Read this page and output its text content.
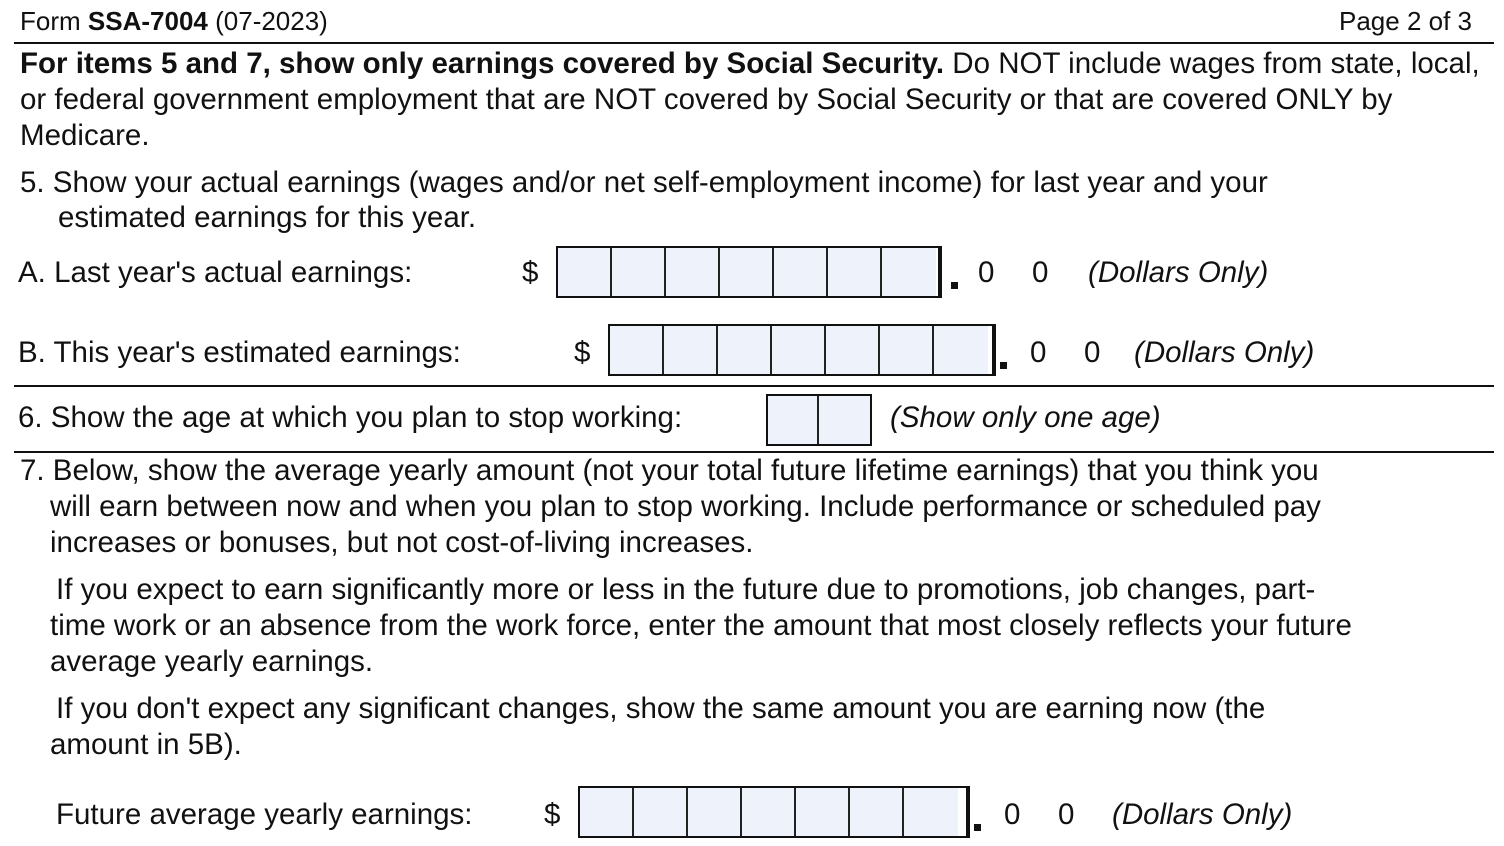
Form SSA-7004 (07-2023)	Page 2 of 3
For items 5 and 7, show only earnings covered by Social Security. Do NOT include wages from state, local, or federal government employment that are NOT covered by Social Security or that are covered ONLY by Medicare.
5. Show your actual earnings (wages and/or net self-employment income) for last year and your
estimated earnings for this year.
A. Last year's actual earnings:	$	0 0 (Dollars Only)
B. This year's estimated earnings:	$	0 0 (Dollars Only)
6. Show the age at which you plan to stop working:	(Show only one age)
7. Below, show the average yearly amount (not your total future lifetime earnings) that you think you
will earn between now and when you plan to stop working. Include performance or scheduled pay
increases or bonuses, but not cost-of-living increases.
If you expect to earn significantly more or less in the future due to promotions, job changes, part-
time work or an absence from the work force, enter the amount that most closely reflects your future
average yearly earnings.
If you don't expect any significant changes, show the same amount you are earning now (the
amount in 5B).
Future average yearly earnings: $	0 0 (Dollars Only)
